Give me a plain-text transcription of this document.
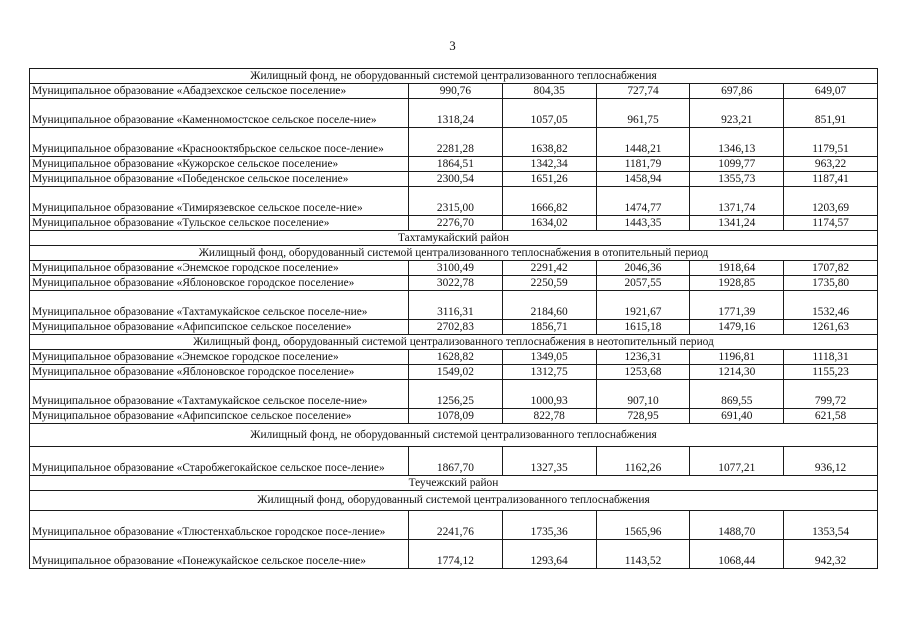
3
Жилищный фонд, не оборудованный системой централизованного теплоснабжения					
Муниципальное образование «Абадзехское сельское поселение»	990,76	804,35	727,74	697,86	649,07
Муниципальное образование «Каменномостское сельское поселе-ние»	1318,24	1057,05	961,75	923,21	851,91
Муниципальное образование «Краснооктябрьское сельское посе-ление»	2281,28	1638,82	1448,21	1346,13	1179,51
Муниципальное образование «Кужорское сельское поселение»	1864,51	1342,34	1181,79	1099,77	963,22
Муниципальное образование «Победенское сельское поселение»	2300,54	1651,26	1458,94	1355,73	1187,41
Муниципальное образование «Тимирязевское сельское поселе-ние»	2315,00	1666,82	1474,77	1371,74	1203,69
Муниципальное образование «Тульское сельское поселение»	2276,70	1634,02	1443,35	1341,24	1174,57
Тахтамукайский район					
Жилищный фонд, оборудованный системой централизованного теплоснабжения в отопительный период					
Муниципальное образование «Энемское городское поселение»	3100,49	2291,42	2046,36	1918,64	1707,82
Муниципальное образование «Яблоновское городское поселение»	3022,78	2250,59	2057,55	1928,85	1735,80
Муниципальное образование «Тахтамукайское сельское поселе-ние»	3116,31	2184,60	1921,67	1771,39	1532,46
Муниципальное образование «Афипсипское сельское поселение»	2702,83	1856,71	1615,18	1479,16	1261,63
Жилищный фонд, оборудованный системой централизованного теплоснабжения в неотопительный период					
Муниципальное образование «Энемское городское поселение»	1628,82	1349,05	1236,31	1196,81	1118,31
Муниципальное образование «Яблоновское городское поселение»	1549,02	1312,75	1253,68	1214,30	1155,23
Муниципальное образование «Тахтамукайское сельское поселе-ние»	1256,25	1000,93	907,10	869,55	799,72
Муниципальное образование «Афипсипское сельское поселение»	1078,09	822,78	728,95	691,40	621,58
Жилищный фонд, не оборудованный системой централизованного теплоснабжения					
Муниципальное образование «Старобжегокайское сельское посе-ление»	1867,70	1327,35	1162,26	1077,21	936,12
Теучежский район					
Жилищный фонд, оборудованный системой централизованного теплоснабжения					
Муниципальное образование «Тлюстенхабльское городское посе-ление»	2241,76	1735,36	1565,96	1488,70	1353,54
Муниципальное образование «Понежукайское сельское поселе-ние»	1774,12	1293,64	1143,52	1068,44	942,32
